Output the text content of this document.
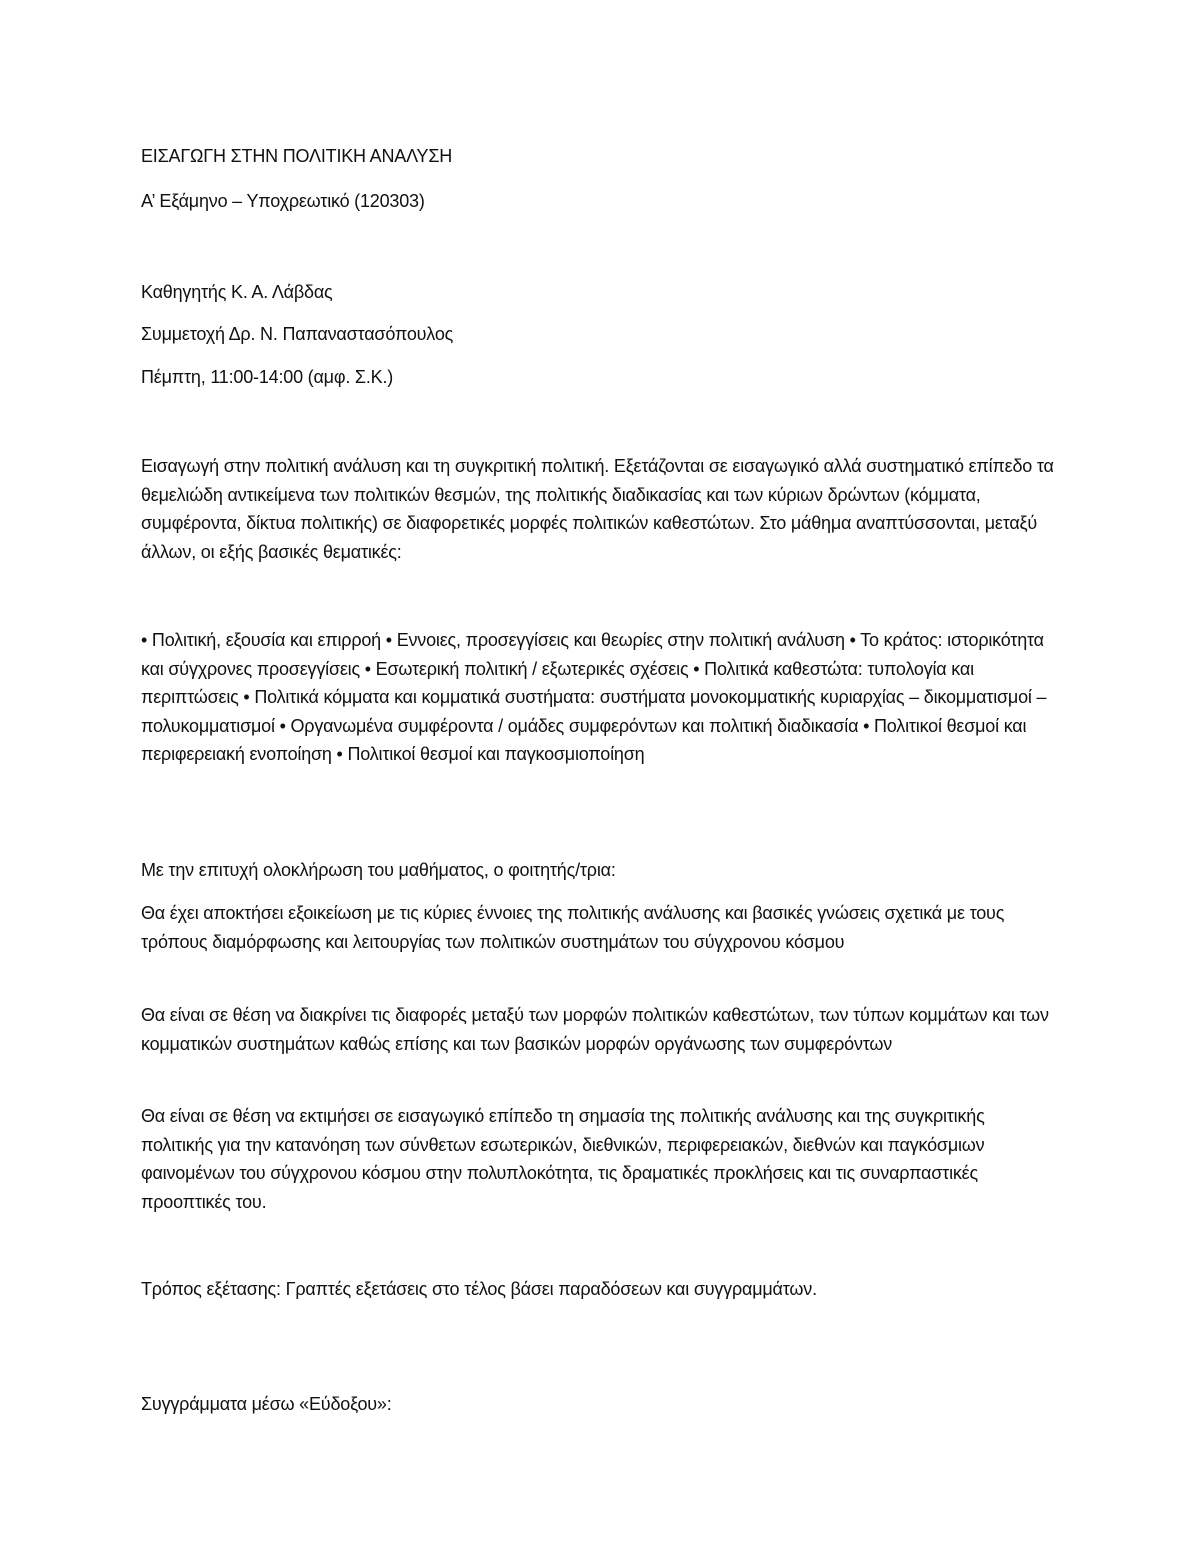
ΕΙΣΑΓΩΓΗ ΣΤΗΝ ΠΟΛΙΤΙΚΗ ΑΝΑΛΥΣΗ
Α’ Εξάμηνο – Υποχρεωτικό (120303)
Καθηγητής Κ. Α. Λάβδας
Συμμετοχή Δρ. Ν. Παπαναστασόπουλος
Πέμπτη, 11:00-14:00 (αμφ. Σ.Κ.)
Εισαγωγή στην πολιτική ανάλυση και τη συγκριτική πολιτική. Εξετάζονται σε εισαγωγικό αλλά συστηματικό επίπεδο τα θεμελιώδη αντικείμενα των πολιτικών θεσμών, της πολιτικής διαδικασίας και των κύριων δρώντων (κόμματα, συμφέροντα, δίκτυα πολιτικής) σε διαφορετικές μορφές πολιτικών καθεστώτων. Στο μάθημα αναπτύσσονται, μεταξύ άλλων, οι εξής βασικές θεματικές:
• Πολιτική, εξουσία και επιρροή • Εννοιες, προσεγγίσεις και θεωρίες στην πολιτική ανάλυση • Το κράτος: ιστορικότητα και σύγχρονες προσεγγίσεις • Εσωτερική πολιτική / εξωτερικές σχέσεις • Πολιτικά καθεστώτα: τυπολογία και περιπτώσεις • Πολιτικά κόμματα και κομματικά συστήματα: συστήματα μονοκομματικής κυριαρχίας – δικομματισμοί – πολυκομματισμοί • Οργανωμένα συμφέροντα / ομάδες συμφερόντων και πολιτική διαδικασία • Πολιτικοί θεσμοί και περιφερειακή ενοποίηση • Πολιτικοί θεσμοί και παγκοσμιοποίηση
Με την επιτυχή ολοκλήρωση του μαθήματος, ο φοιτητής/τρια:
Θα έχει αποκτήσει εξοικείωση με τις κύριες έννοιες της πολιτικής ανάλυσης και βασικές γνώσεις σχετικά με τους τρόπους διαμόρφωσης και λειτουργίας των πολιτικών συστημάτων του σύγχρονου κόσμου
Θα είναι σε θέση να διακρίνει τις διαφορές μεταξύ των μορφών πολιτικών καθεστώτων, των τύπων κομμάτων και των κομματικών συστημάτων καθώς επίσης και των βασικών μορφών οργάνωσης των συμφερόντων
Θα είναι σε θέση να εκτιμήσει σε εισαγωγικό επίπεδο τη σημασία της πολιτικής ανάλυσης και της συγκριτικής πολιτικής για την κατανόηση των σύνθετων εσωτερικών, διεθνικών, περιφερειακών, διεθνών και παγκόσμιων φαινομένων του σύγχρονου κόσμου στην πολυπλοκότητα, τις δραματικές προκλήσεις και τις συναρπαστικές προοπτικές του.
Τρόπος εξέτασης: Γραπτές εξετάσεις στο τέλος βάσει παραδόσεων και συγγραμμάτων.
Συγγράμματα μέσω «Εύδοξου»:
